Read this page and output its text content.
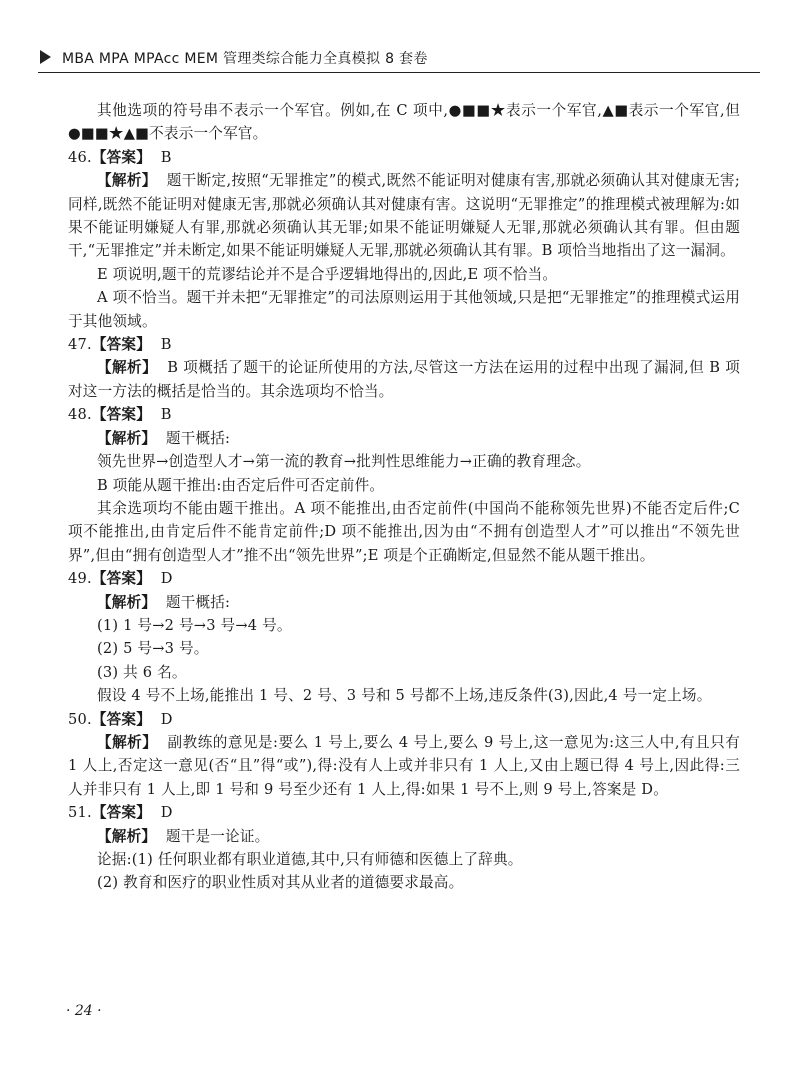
MBA MPA MPAcc MEM 管理类综合能力全真模拟 8 套卷

其他选项的符号串不表示一个军官。例如,在 C 项中,●■■★表示一个军官,▲■表示一个军官,但●■■★▲■不表示一个军官。

46.【答案】 B

【解析】 题干断定,按照“无罪推定”的模式,既然不能证明对健康有害,那就必须确认其对健康无害;同样,既然不能证明对健康无害,那就必须确认其对健康有害。这说明“无罪推定”的推理模式被理解为:如果不能证明嫌疑人有罪,那就必须确认其无罪;如果不能证明嫌疑人无罪,那就必须确认其有罪。但由题干,“无罪推定”并未断定,如果不能证明嫌疑人无罪,那就必须确认其有罪。B 项恰当地指出了这一漏洞。

E 项说明,题干的荒谬结论并不是合乎逻辑地得出的,因此,E 项不恰当。

A 项不恰当。题干并未把“无罪推定”的司法原则运用于其他领域,只是把“无罪推定”的推理模式运用于其他领域。

47.【答案】 B

【解析】 B 项概括了题干的论证所使用的方法,尽管这一方法在运用的过程中出现了漏洞,但 B 项对这一方法的概括是恰当的。其余选项均不恰当。

48.【答案】 B

【解析】 题干概括:

领先世界→创造型人才→第一流的教育→批判性思维能力→正确的教育理念。

B 项能从题干推出:由否定后件可否定前件。

其余选项均不能由题干推出。A 项不能推出,由否定前件(中国尚不能称领先世界)不能否定后件;C 项不能推出,由肯定后件不能肯定前件;D 项不能推出,因为由“不拥有创造型人才”可以推出“不领先世界”,但由“拥有创造型人才”推不出“领先世界”;E 项是个正确断定,但显然不能从题干推出。

49.【答案】 D

【解析】 题干概括:

(1) 1 号→2 号→3 号→4 号。

(2) 5 号→3 号。

(3) 共 6 名。

假设 4 号不上场,能推出 1 号、2 号、3 号和 5 号都不上场,违反条件(3),因此,4 号一定上场。

50.【答案】 D

【解析】 副教练的意见是:要么 1 号上,要么 4 号上,要么 9 号上,这一意见为:这三人中,有且只有 1 人上,否定这一意见(否“且”得“或”),得:没有人上或并非只有 1 人上,又由上题已得 4 号上,因此得:三人并非只有 1 人上,即 1 号和 9 号至少还有 1 人上,得:如果 1 号不上,则 9 号上,答案是 D。

51.【答案】 D

【解析】 题干是一论证。

论据:(1) 任何职业都有职业道德,其中,只有师德和医德上了辞典。

(2) 教育和医疗的职业性质对其从业者的道德要求最高。

· 24 ·
